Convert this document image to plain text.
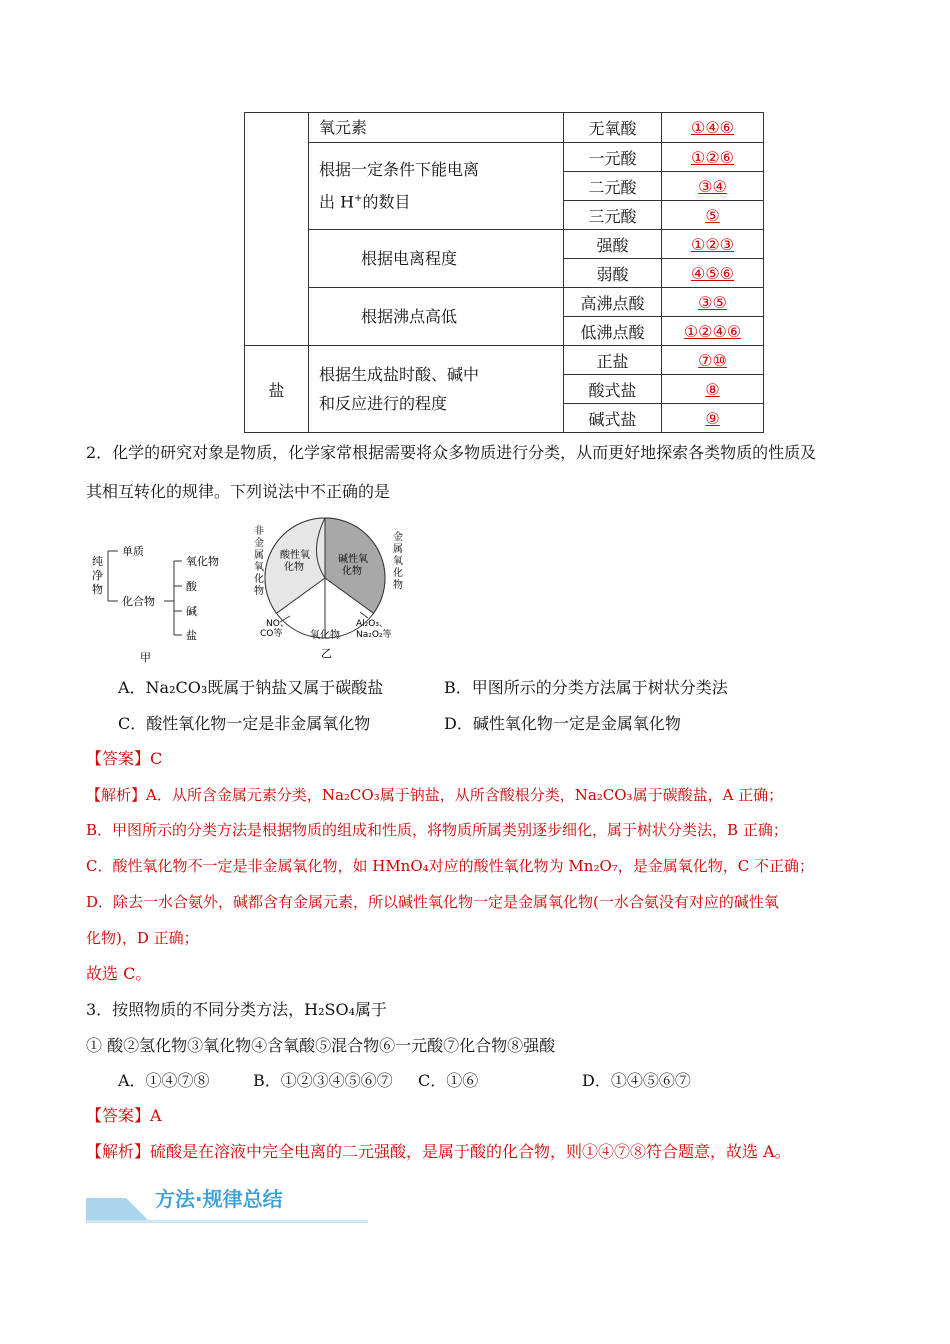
	氧元素	无氧酸	①④⑥
	根据一定条件下能电离
出 H+的数目	一元酸	①②⑥
		二元酸	③④
		三元酸	⑤
	根据电离程度	强酸	①②③
		弱酸	④⑤⑥
	根据沸点高低	高沸点酸	③⑤
		低沸点酸	①②④⑥
盐	根据生成盐时酸、碱中
和反应进行的程度	正盐	⑦⑩
		酸式盐	⑧
		碱式盐	⑨
2．化学的研究对象是物质，化学家常根据需要将众多物质进行分类，从而更好地探索各类物质的性质及
其相互转化的规律。下列说法中不正确的是
纯
净
物
单质
化合物
氧化物
酸
碱
盐
甲
非
金
属
氧
化
物
金
属
氧
化
物
酸性氧
化物
碱性氧
化物
NO、
CO等	氧化物
Al₂O₃、
Na₂O₂等
乙
A．Na₂CO₃既属于钠盐又属于碳酸盐	B．甲图所示的分类方法属于树状分类法
C．酸性氧化物一定是非金属氧化物	D．碱性氧化物一定是金属氧化物
【答案】C
【解析】A．从所含金属元素分类，Na₂CO₃属于钠盐，从所含酸根分类，Na₂CO₃属于碳酸盐，A 正确；
B．甲图所示的分类方法是根据物质的组成和性质，将物质所属类别逐步细化，属于树状分类法，B 正确；
C．酸性氧化物不一定是非金属氧化物，如 HMnO₄对应的酸性氧化物为 Mn₂O₇，是金属氧化物，C 不正确；
D．除去一水合氨外，碱都含有金属元素，所以碱性氧化物一定是金属氧化物(一水合氨没有对应的碱性氧
化物)，D 正确；
故选 C。
3．按照物质的不同分类方法，H₂SO₄属于
① 酸②氢化物③氧化物④含氧酸⑤混合物⑥一元酸⑦化合物⑧强酸
A．①④⑦⑧	B．①②③④⑤⑥⑦ C．①⑥	D．①④⑤⑥⑦
【答案】A
【解析】硫酸是在溶液中完全电离的二元强酸，是属于酸的化合物，则①④⑦⑧符合题意，故选 A。
方法·规律总结
